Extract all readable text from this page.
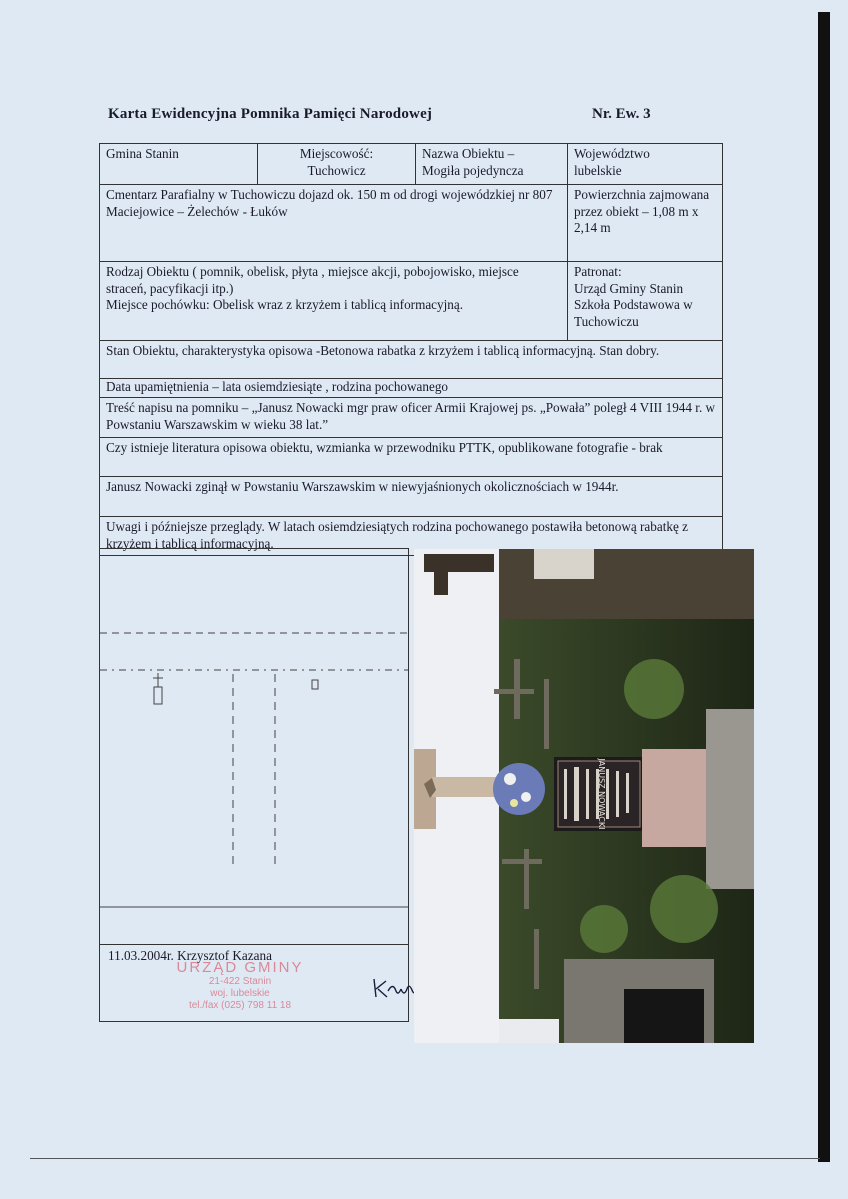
Karta Ewidencyjna Pomnika Pamięci Narodowej	Nr. Ew. 3
Gmina Stanin	Miejscowość:
Tuchowicz
Nazwa Obiektu –
Mogiła pojedyncza
Województwo
lubelskie
Cmentarz Parafialny w Tuchowiczu dojazd ok. 150 m od drogi wojewódzkiej nr 807 Maciejowice – Żelechów - Łuków
Powierzchnia zajmowana przez obiekt – 1,08 m x 2,14 m
Rodzaj Obiektu ( pomnik, obelisk, płyta , miejsce akcji, pobojowisko, miejsce straceń, pacyfikacji itp.)
Miejsce pochówku: Obelisk wraz z krzyżem i tablicą informacyjną.
Patronat:
Urząd Gminy Stanin
Szkoła Podstawowa w Tuchowiczu
Stan Obiektu, charakterystyka opisowa -Betonowa rabatka z krzyżem i tablicą informacyjną. Stan dobry.
Data upamiętnienia – lata osiemdziesiąte , rodzina pochowanego
Treść napisu na pomniku – „Janusz Nowacki mgr praw oficer Armii Krajowej ps. „Powała” poległ 4 VIII 1944 r. w Powstaniu Warszawskim w wieku 38 lat.”
Czy istnieje literatura opisowa obiektu, wzmianka w przewodniku PTTK, opublikowane fotografie - brak
Janusz Nowacki zginął w Powstaniu Warszawskim w niewyjaśnionych okolicznościach w 1944r.
Uwagi i późniejsze przeglądy. W latach osiemdziesiątych rodzina pochowanego postawiła betonową rabatkę z krzyżem i tablicą informacyjną.
11.03.2004r. Krzysztof Kazana
URZĄD GMINY
21-422 Stanin
woj. lubelskie
tel./fax (025) 798 11 18
JANUSZ NOWACKI
